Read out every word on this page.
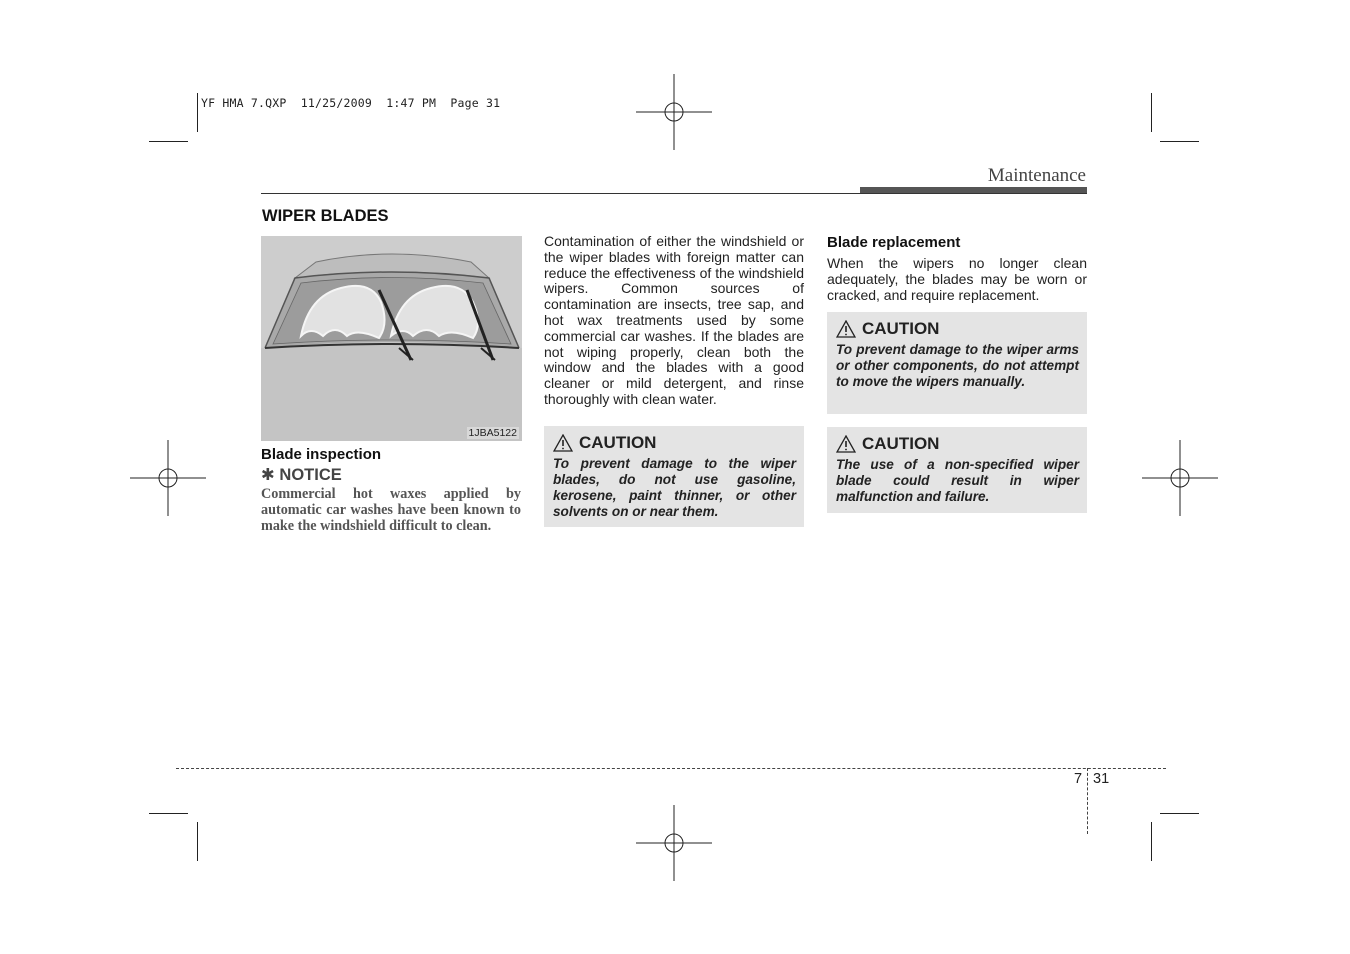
YF HMA 7.QXP  11/25/2009  1:47 PM  Page 31
Maintenance
WIPER BLADES
1JBA5122
Blade inspection
✱ NOTICE
Commercial hot waxes applied by automatic car washes have been known to make the windshield difficult to clean.
Contamination of either the windshield or the wiper blades with foreign matter can reduce the effectiveness of the windshield wipers. Common sources of contamination are insects, tree sap, and hot wax treatments used by some commercial car washes. If the blades are not wiping properly, clean both the window and the blades with a good cleaner or mild detergent, and rinse thoroughly with clean water.
CAUTION
To prevent damage to the wiper blades, do not use gasoline, kerosene, paint thinner, or other solvents on or near them.
Blade replacement
When the wipers no longer clean adequately, the blades may be worn or cracked, and require replacement.
CAUTION
To prevent damage to the wiper arms or other components, do not attempt to move the wipers manually.
CAUTION
The use of a non-specified wiper blade could result in wiper malfunction and failure.
7 31
